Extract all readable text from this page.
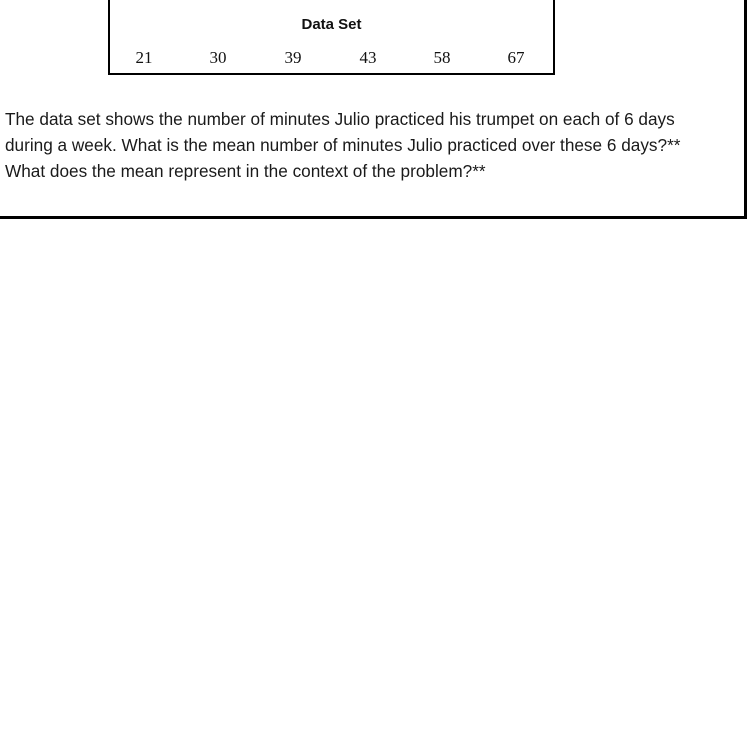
Data Set
21	30	39	43	58	67

The data set shows the number of minutes Julio practiced his trumpet on each of 6 days
during a week. What is the mean number of minutes Julio practiced over these 6 days?**
What does the mean represent in the context of the problem?**
